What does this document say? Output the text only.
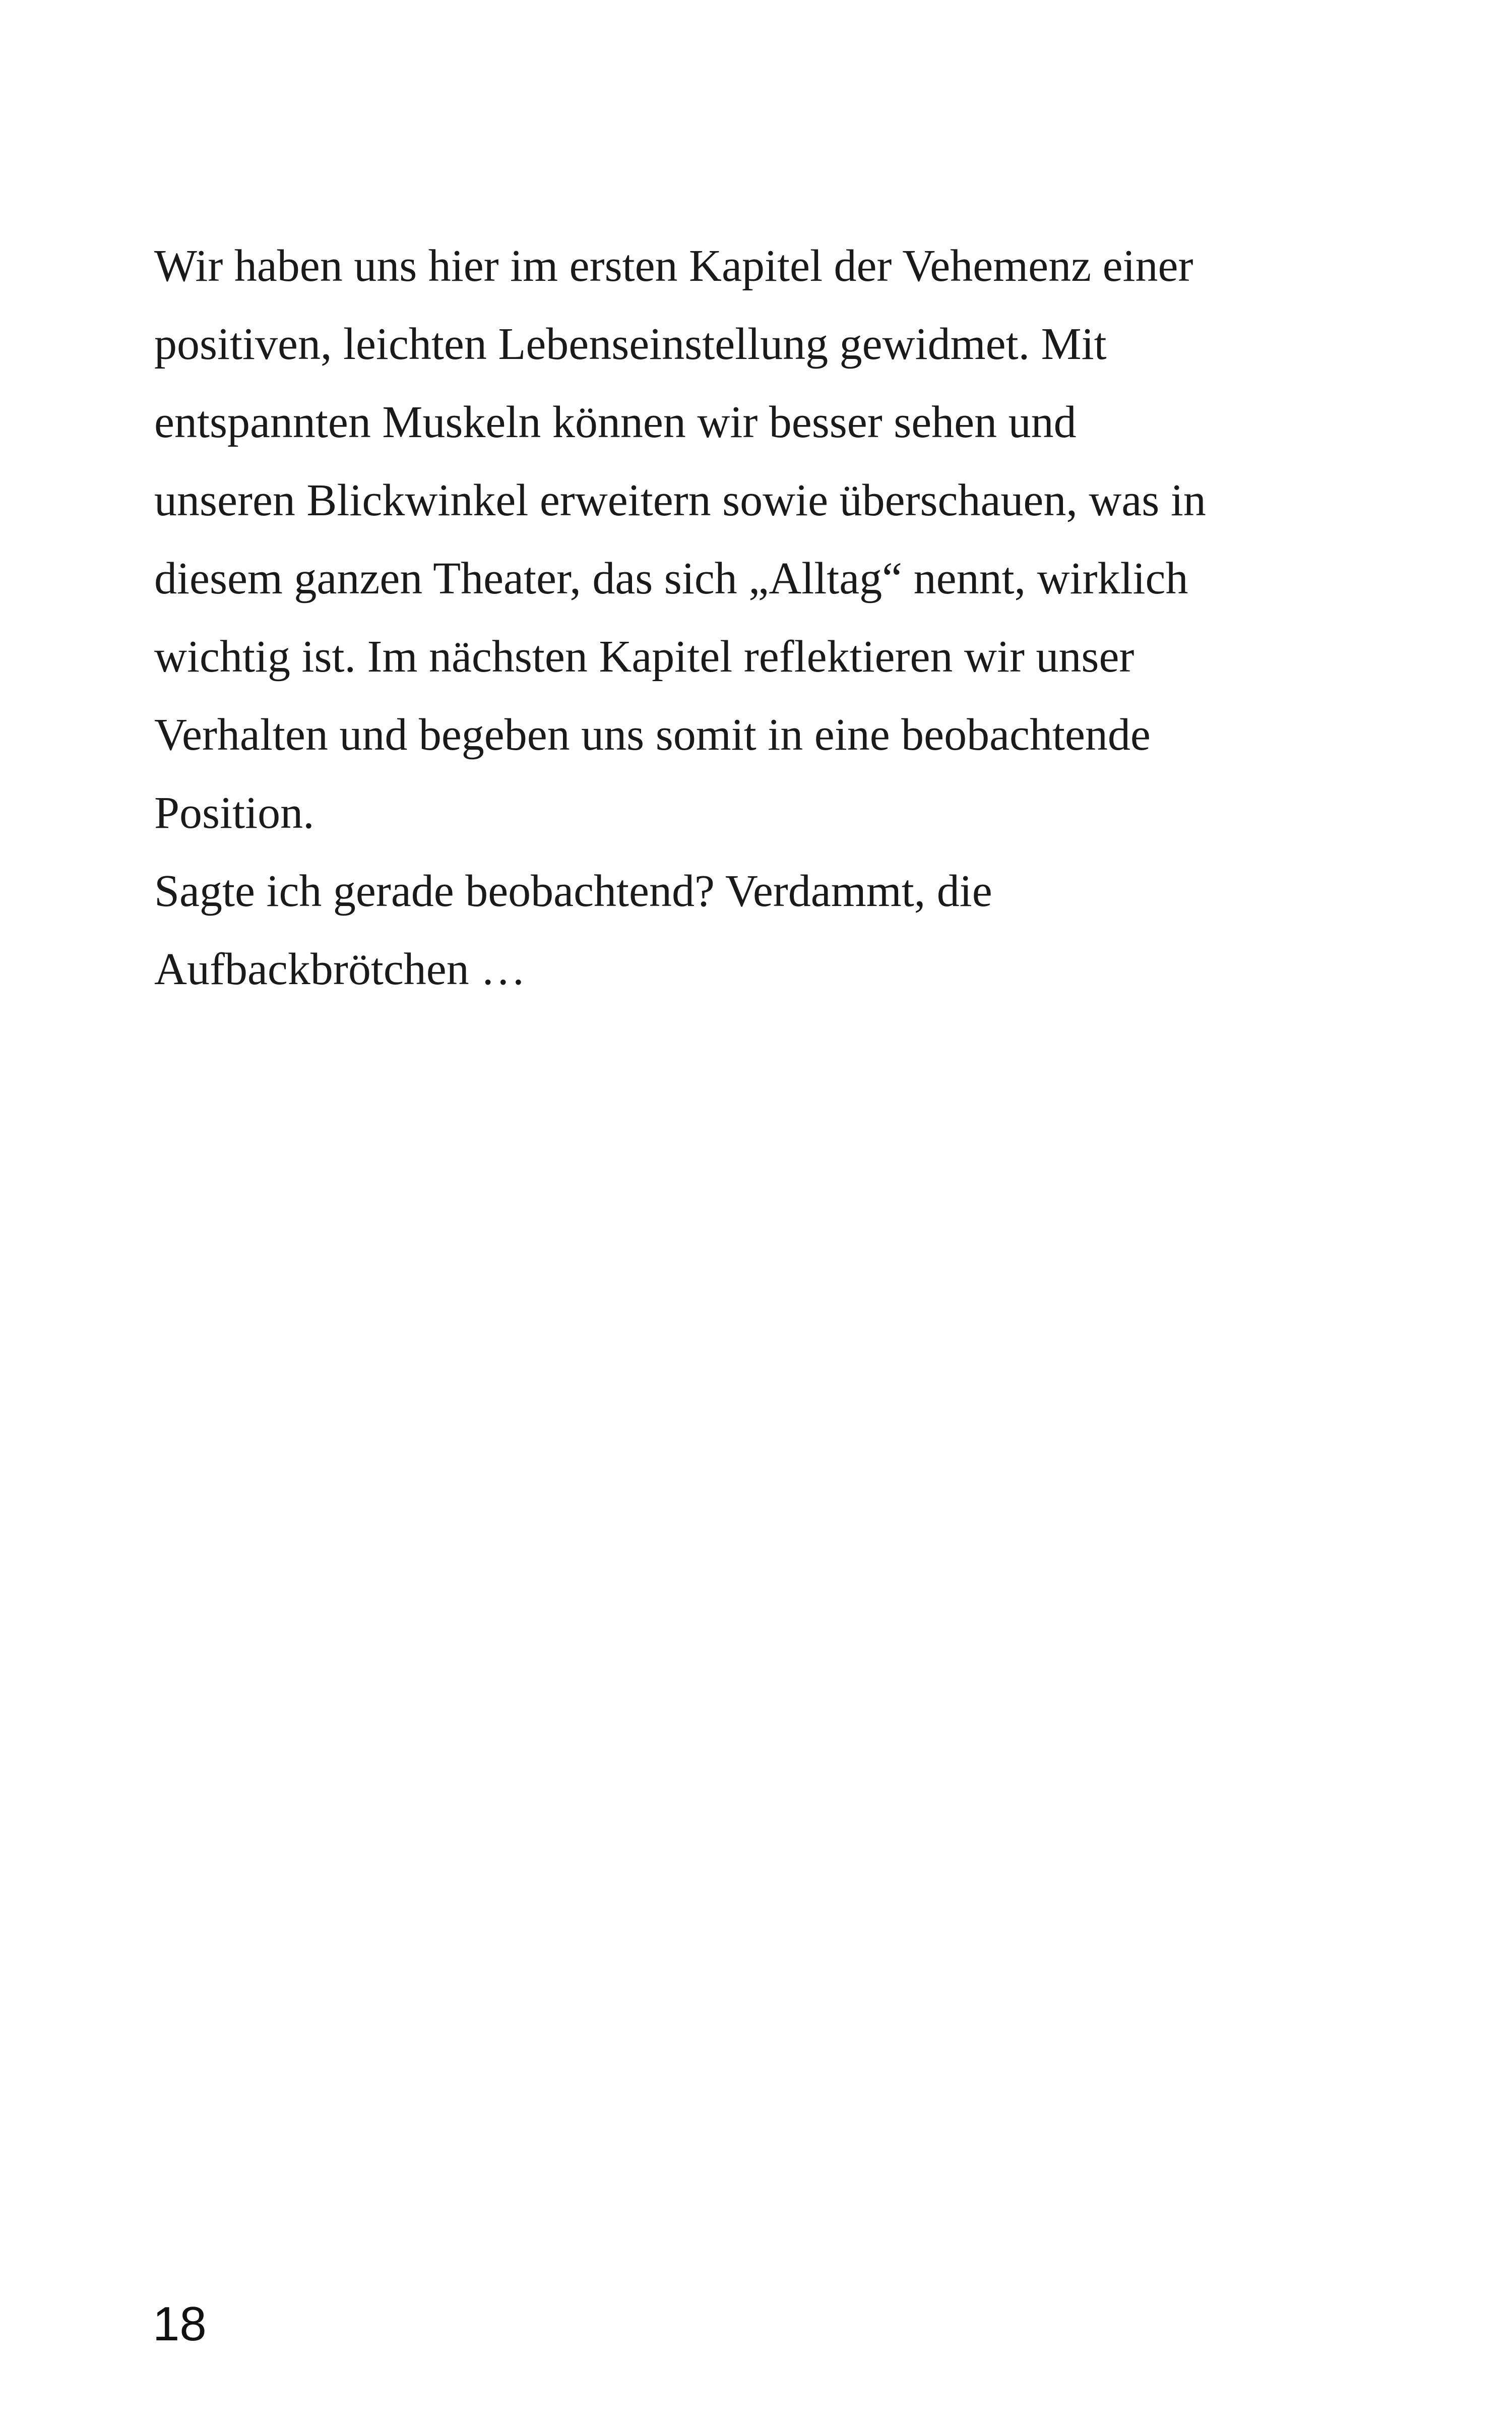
Wir haben uns hier im ersten Kapitel der Vehemenz einer
positiven, leichten Lebenseinstellung gewidmet. Mit
entspannten Muskeln können wir besser sehen und
unseren Blickwinkel erweitern sowie überschauen, was in
diesem ganzen Theater, das sich „Alltag“ nennt, wirklich
wichtig ist. Im nächsten Kapitel reflektieren wir unser
Verhalten und begeben uns somit in eine beobachtende
Position.
Sagte ich gerade beobachtend? Verdammt, die
Aufbackbrötchen …
18
